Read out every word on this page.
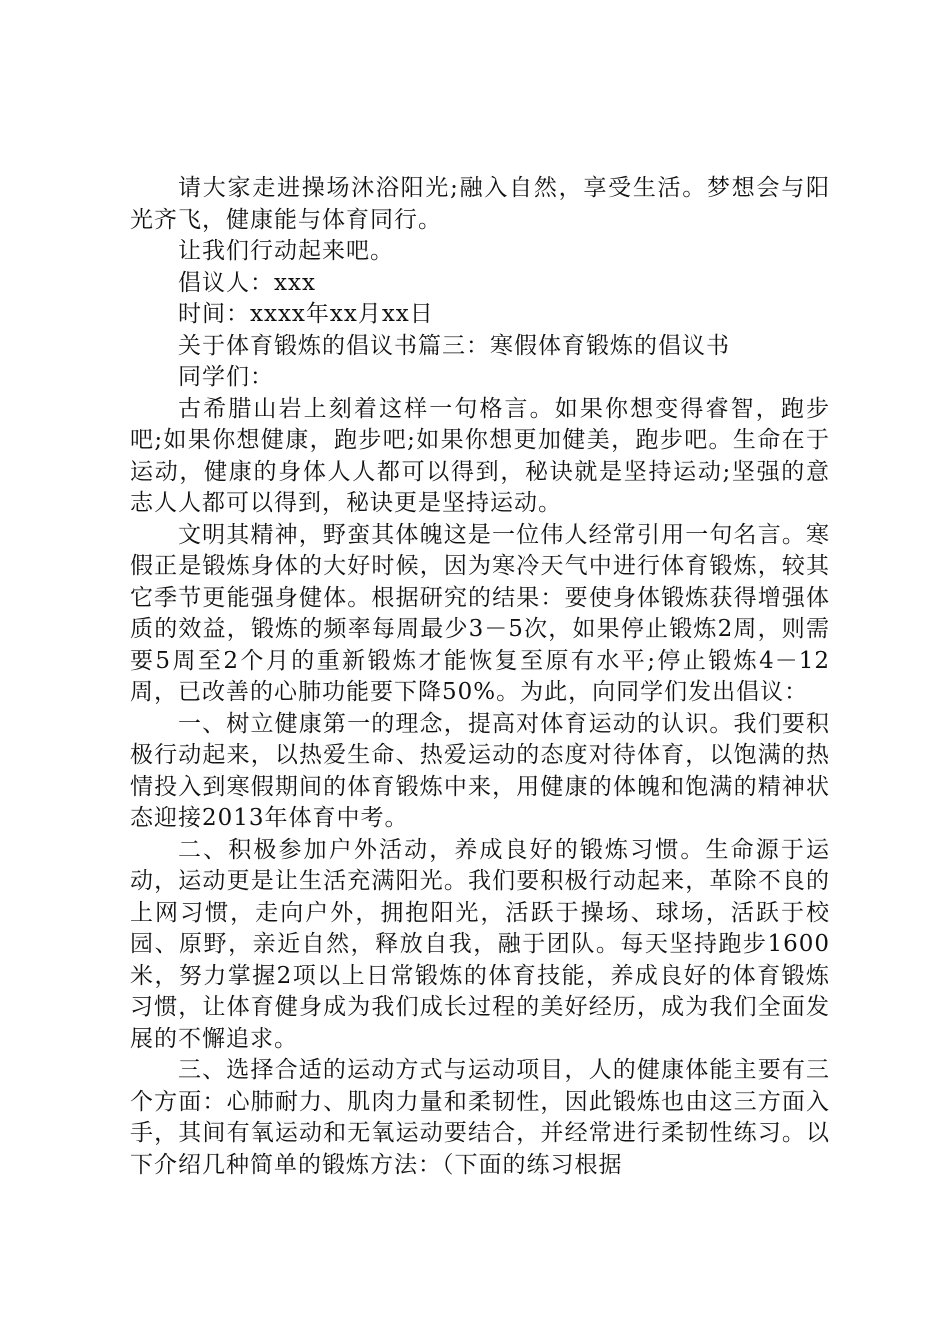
请大家走进操场沐浴阳光;融入自然，享受生活。梦想会与阳光齐飞，健康能与体育同行。

让我们行动起来吧。

倡议人：xxx

时间：xxxx年xx月xx日

关于体育锻炼的倡议书篇三：寒假体育锻炼的倡议书

同学们：

古希腊山岩上刻着这样一句格言。如果你想变得睿智，跑步吧;如果你想健康，跑步吧;如果你想更加健美，跑步吧。生命在于运动，健康的身体人人都可以得到，秘诀就是坚持运动;坚强的意志人人都可以得到，秘诀更是坚持运动。

文明其精神，野蛮其体魄这是一位伟人经常引用一句名言。寒假正是锻炼身体的大好时候，因为寒冷天气中进行体育锻炼，较其它季节更能强身健体。根据研究的结果：要使身体锻炼获得增强体质的效益，锻炼的频率每周最少3－5次，如果停止锻炼2周，则需要5周至2个月的重新锻炼才能恢复至原有水平;停止锻炼4－12周，已改善的心肺功能要下降50%。为此，向同学们发出倡议：

一、树立健康第一的理念，提高对体育运动的认识。我们要积极行动起来，以热爱生命、热爱运动的态度对待体育，以饱满的热情投入到寒假期间的体育锻炼中来，用健康的体魄和饱满的精神状态迎接2013年体育中考。

二、积极参加户外活动，养成良好的锻炼习惯。生命源于运动，运动更是让生活充满阳光。我们要积极行动起来，革除不良的上网习惯，走向户外，拥抱阳光，活跃于操场、球场，活跃于校园、原野，亲近自然，释放自我，融于团队。每天坚持跑步1600米，努力掌握2项以上日常锻炼的体育技能，养成良好的体育锻炼习惯，让体育健身成为我们成长过程的美好经历，成为我们全面发展的不懈追求。

三、选择合适的运动方式与运动项目，人的健康体能主要有三个方面：心肺耐力、肌肉力量和柔韧性，因此锻炼也由这三方面入手，其间有氧运动和无氧运动要结合，并经常进行柔韧性练习。以下介绍几种简单的锻炼方法：（下面的练习根据
